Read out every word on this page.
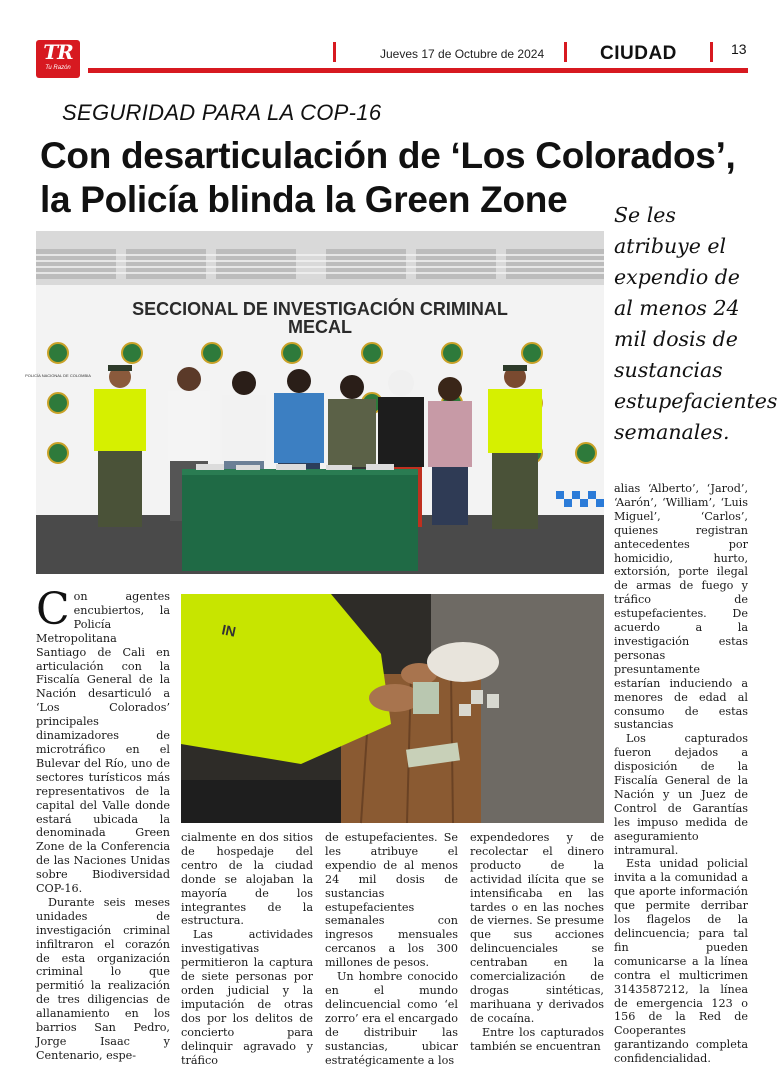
TR
Tu Razón
Jueves 17 de Octubre de 2024	CIUDAD	13
SEGURIDAD PARA LA COP-16
Con desarticulación de ‘Los Colorados’, la Policía blinda la Green Zone	Se les atribuye el expendio de al menos 24 mil dosis de sustancias estupefacientes semanales.
SECCIONAL DE INVESTIGACIÓN CRIMINAL
MECAL
POLICÍA NACIONAL DE COLOMBIA
IN

Con agentes encubiertos, la Policía Metropolitana Santiago de Cali en articulación con la Fiscalía General de la Nación desarticuló a ‘Los Colorados’ principales dinamizadores de microtráfico en el Bulevar del Río, uno de sectores turísticos más representativos de la capital del Valle donde estará ubicada la denominada Green Zone de la Conferencia de las Naciones Unidas sobre Biodiversidad COP-16.

Durante seis meses unidades de investigación criminal infiltraron el corazón de esta organización criminal lo que permitió la realización de tres diligencias de allanamiento en los barrios San Pedro, Jorge Isaac y Centenario, espe-

cialmente en dos sitios de hospedaje del centro de la ciudad donde se alojaban la mayoría de los integrantes de la estructura.

Las actividades investigativas permitieron la captura de siete personas por orden judicial y la imputación de otras dos por los delitos de concierto para delinquir agravado y tráfico

de estupefacientes. Se les atribuye el expendio de al menos 24 mil dosis de sustancias estupefacientes semanales con ingresos mensuales cercanos a los 300 millones de pesos.

Un hombre conocido en el mundo delincuencial como ‘el zorro’ era el encargado de distribuir las sustancias, ubicar estratégicamente a los

expendedores y de recolectar el dinero producto de la actividad ilícita que se intensificaba en las tardes o en las noches de viernes. Se presume que sus acciones delincuenciales se centraban en la comercialización de drogas sintéticas, marihuana y derivados de cocaína.

Entre los capturados también se encuentran

alias ‘Alberto’, ‘Jarod’, ‘Aarón’, ‘William’, ‘Luis Miguel’, ‘Carlos’, quienes registran antecedentes por homicidio, hurto, extorsión, porte ilegal de armas de fuego y tráfico de estupefacientes. De acuerdo a la investigación estas personas presuntamente estarían induciendo a menores de edad al consumo de estas sustancias

Los capturados fueron dejados a disposición de la Fiscalía General de la Nación y un Juez de Control de Garantías les impuso medida de aseguramiento intramural.

Esta unidad policial invita a la comunidad a que aporte información que permite derribar los flagelos de la delincuencia; para tal fin pueden comunicarse a la línea contra el multicrimen 3143587212, la línea de emergencia 123 o 156 de la Red de Cooperantes garantizando completa confidencialidad.
